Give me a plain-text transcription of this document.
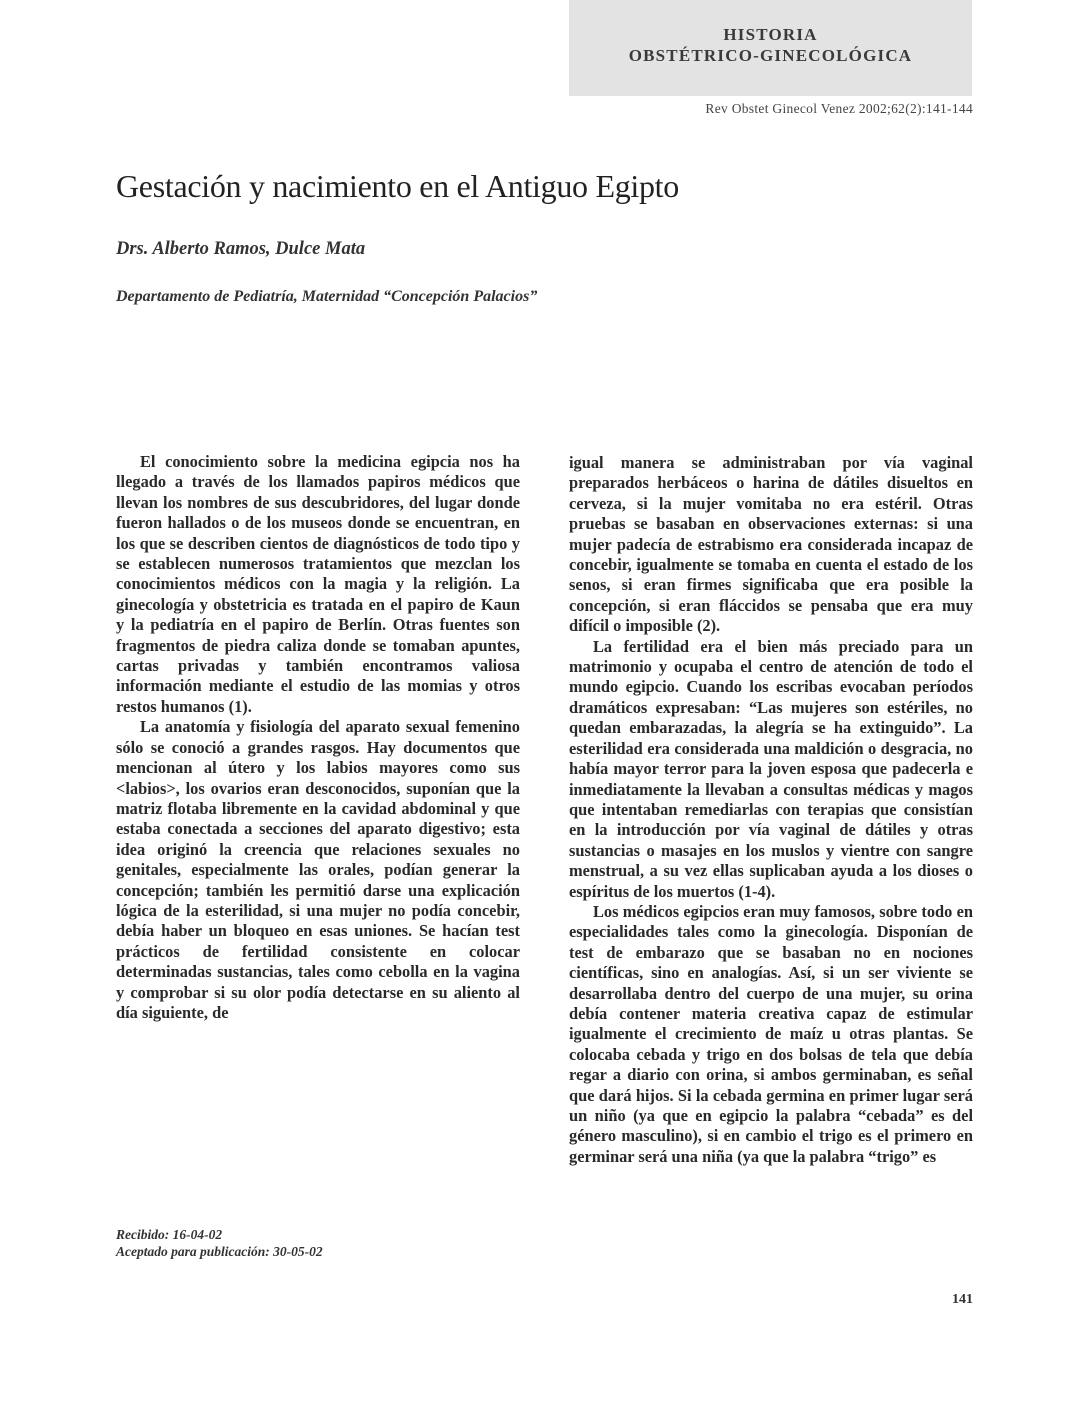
HISTORIA
OBSTÉTRICO-GINECOLÓGICA
Rev Obstet Ginecol Venez 2002;62(2):141-144
Gestación y nacimiento en el Antiguo Egipto
Drs. Alberto Ramos, Dulce Mata
Departamento de Pediatría, Maternidad “Concepción Palacios”

El conocimiento sobre la medicina egipcia nos ha llegado a través de los llamados papiros médicos que llevan los nombres de sus descubridores, del lugar donde fueron hallados o de los museos donde se encuentran, en los que se describen cientos de diagnósticos de todo tipo y se establecen numerosos tratamientos que mezclan los conocimientos médicos con la magia y la religión. La ginecología y obstetricia es tratada en el papiro de Kaun y la pediatría en el papiro de Berlín. Otras fuentes son fragmentos de piedra caliza donde se tomaban apuntes, cartas privadas y también encontramos valiosa información mediante el estudio de las momias y otros restos humanos (1).

La anatomía y fisiología del aparato sexual femenino sólo se conoció a grandes rasgos. Hay documentos que mencionan al útero y los labios mayores como sus <labios>, los ovarios eran desconocidos, suponían que la matriz flotaba libremente en la cavidad abdominal y que estaba conectada a secciones del aparato digestivo; esta idea originó la creencia que relaciones sexuales no genitales, especialmente las orales, podían generar la concepción; también les permitió darse una explicación lógica de la esterilidad, si una mujer no podía concebir, debía haber un bloqueo en esas uniones. Se hacían test prácticos de fertilidad consistente en colocar determinadas sustancias, tales como cebolla en la vagina y comprobar si su olor podía detectarse en su aliento al día siguiente, de

igual manera se administraban por vía vaginal preparados herbáceos o harina de dátiles disueltos en cerveza, si la mujer vomitaba no era estéril. Otras pruebas se basaban en observaciones externas: si una mujer padecía de estrabismo era considerada incapaz de concebir, igualmente se tomaba en cuenta el estado de los senos, si eran firmes significaba que era posible la concepción, si eran fláccidos se pensaba que era muy difícil o imposible (2).

La fertilidad era el bien más preciado para un matrimonio y ocupaba el centro de atención de todo el mundo egipcio. Cuando los escribas evocaban períodos dramáticos expresaban: “Las mujeres son estériles, no quedan embarazadas, la alegría se ha extinguido”. La esterilidad era considerada una maldición o desgracia, no había mayor terror para la joven esposa que padecerla e inmediatamente la llevaban a consultas médicas y magos que intentaban remediarlas con terapias que consistían en la introducción por vía vaginal de dátiles y otras sustancias o masajes en los muslos y vientre con sangre menstrual, a su vez ellas suplicaban ayuda a los dioses o espíritus de los muertos (1-4).

Los médicos egipcios eran muy famosos, sobre todo en especialidades tales como la ginecología. Disponían de test de embarazo que se basaban no en nociones científicas, sino en analogías. Así, si un ser viviente se desarrollaba dentro del cuerpo de una mujer, su orina debía contener materia creativa capaz de estimular igualmente el crecimiento de maíz u otras plantas. Se colocaba cebada y trigo en dos bolsas de tela que debía regar a diario con orina, si ambos germinaban, es señal que dará hijos. Si la cebada germina en primer lugar será un niño (ya que en egipcio la palabra “cebada” es del género masculino), si en cambio el trigo es el primero en germinar será una niña (ya que la palabra “trigo” es

Recibido: 16-04-02
Aceptado para publicación: 30-05-02
141
